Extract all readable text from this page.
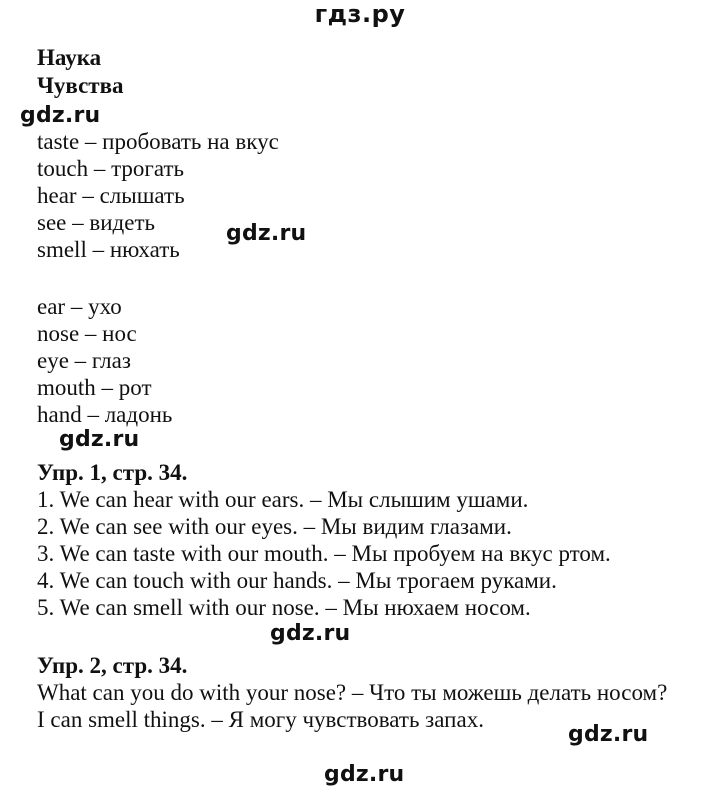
гдз.ру
Наука
Чувства
gdz.ru
taste – пробовать на вкус
touch – трогать
hear – слышать
see – видеть
smell – нюхать
gdz.ru
ear – ухо
nose – нос
eye – глаз
mouth – рот
hand – ладонь
gdz.ru
Упр. 1, стр. 34.
1. We can hear with our ears. – Мы слышим ушами.
2. We can see with our eyes. – Мы видим глазами.
3. We can taste with our mouth. – Мы пробуем на вкус ртом.
4. We can touch with our hands. – Мы трогаем руками.
5. We can smell with our nose. – Мы нюхаем носом.
gdz.ru
Упр. 2, стр. 34.
What can you do with your nose? – Что ты можешь делать носом?
I can smell things. – Я могу чувствовать запах.
gdz.ru
gdz.ru
